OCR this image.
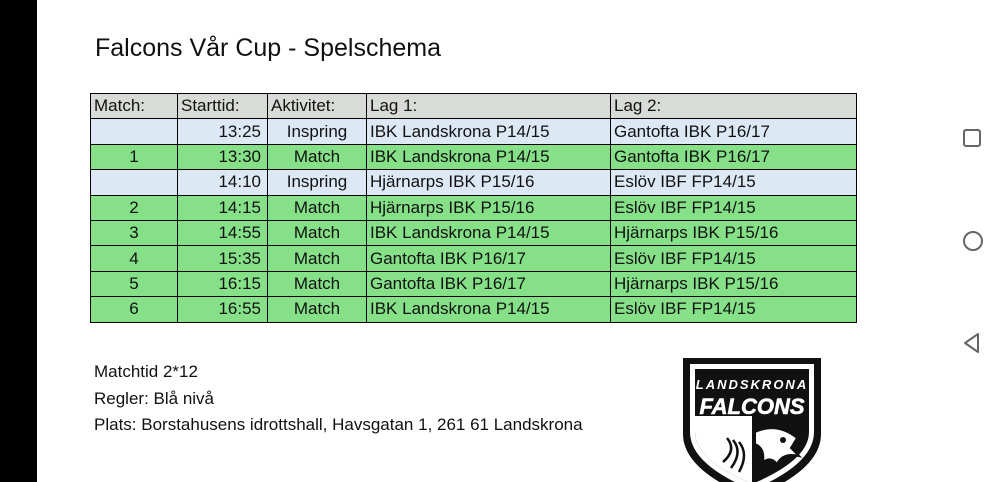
Falcons Vår Cup - Spelschema
Match:	Starttid:	Aktivitet:	Lag 1:	Lag 2:
	13:25	Inspring	IBK Landskrona P14/15	Gantofta IBK P16/17
1	13:30	Match	IBK Landskrona P14/15	Gantofta IBK P16/17
	14:10	Inspring	Hjärnarps IBK P15/16	Eslöv IBF FP14/15
2	14:15	Match	Hjärnarps IBK P15/16	Eslöv IBF FP14/15
3	14:55	Match	IBK Landskrona P14/15	Hjärnarps IBK P15/16
4	15:35	Match	Gantofta IBK P16/17	Eslöv IBF FP14/15
5	16:15	Match	Gantofta IBK P16/17	Hjärnarps IBK P15/16
6	16:55	Match	IBK Landskrona P14/15	Eslöv IBF FP14/15
Matchtid 2*12
Regler: Blå nivå
Plats: Borstahusens idrottshall, Havsgatan 1, 261 61 Landskrona
LANDSKRONA
FALCONS
